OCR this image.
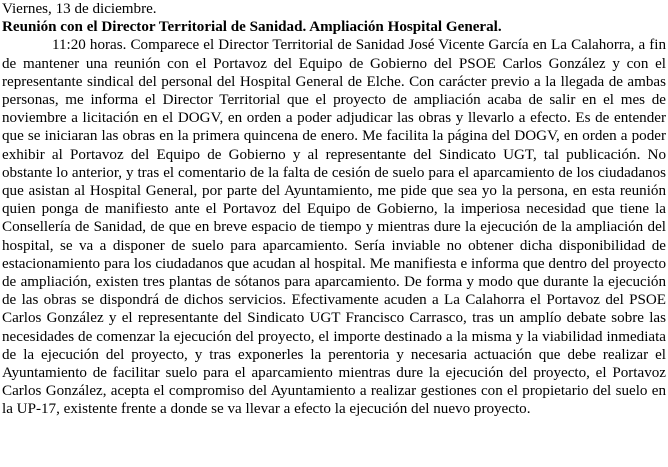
Viernes, 13 de diciembre.

Reunión con el Director Territorial de Sanidad. Ampliación Hospital General.

11:20 horas. Comparece el Director Territorial de Sanidad José Vicente García en La Calahorra, a fin de mantener una reunión con el Portavoz del Equipo de Gobierno del PSOE Carlos González y con el representante sindical del personal del Hospital General de Elche. Con carácter previo a la llegada de ambas personas, me informa el Director Territorial que el proyecto de ampliación acaba de salir en el mes de noviembre a licitación en el DOGV, en orden a poder adjudicar las obras y llevarlo a efecto. Es de entender que se iniciaran las obras en la primera quincena de enero. Me facilita la página del DOGV, en orden a poder exhibir al Portavoz del Equipo de Gobierno y al representante del Sindicato UGT, tal publicación. No obstante lo anterior, y tras el comentario de la falta de cesión de suelo para el aparcamiento de los ciudadanos que asistan al Hospital General, por parte del Ayuntamiento, me pide que sea yo la persona, en esta reunión quien ponga de manifiesto ante el Portavoz del Equipo de Gobierno, la imperiosa necesidad que tiene la Consellería de Sanidad, de que en breve espacio de tiempo y mientras dure la ejecución de la ampliación del hospital, se va a disponer de suelo para aparcamiento. Sería inviable no obtener dicha disponibilidad de estacionamiento para los ciudadanos que acudan al hospital. Me manifiesta e informa que dentro del proyecto de ampliación, existen tres plantas de sótanos para aparcamiento. De forma y modo que durante la ejecución de las obras se dispondrá de dichos servicios. Efectivamente acuden a La Calahorra el Portavoz del PSOE Carlos González y el representante del Sindicato UGT Francisco Carrasco, tras un amplío debate sobre las necesidades de comenzar la ejecución del proyecto, el importe destinado a la misma y la viabilidad inmediata de la ejecución del proyecto, y tras exponerles la perentoria y necesaria actuación que debe realizar el Ayuntamiento de facilitar suelo para el aparcamiento mientras dure la ejecución del proyecto, el Portavoz Carlos González, acepta el compromiso del Ayuntamiento a realizar gestiones con el propietario del suelo en la UP-17, existente frente a donde se va llevar a efecto la ejecución del nuevo proyecto.
